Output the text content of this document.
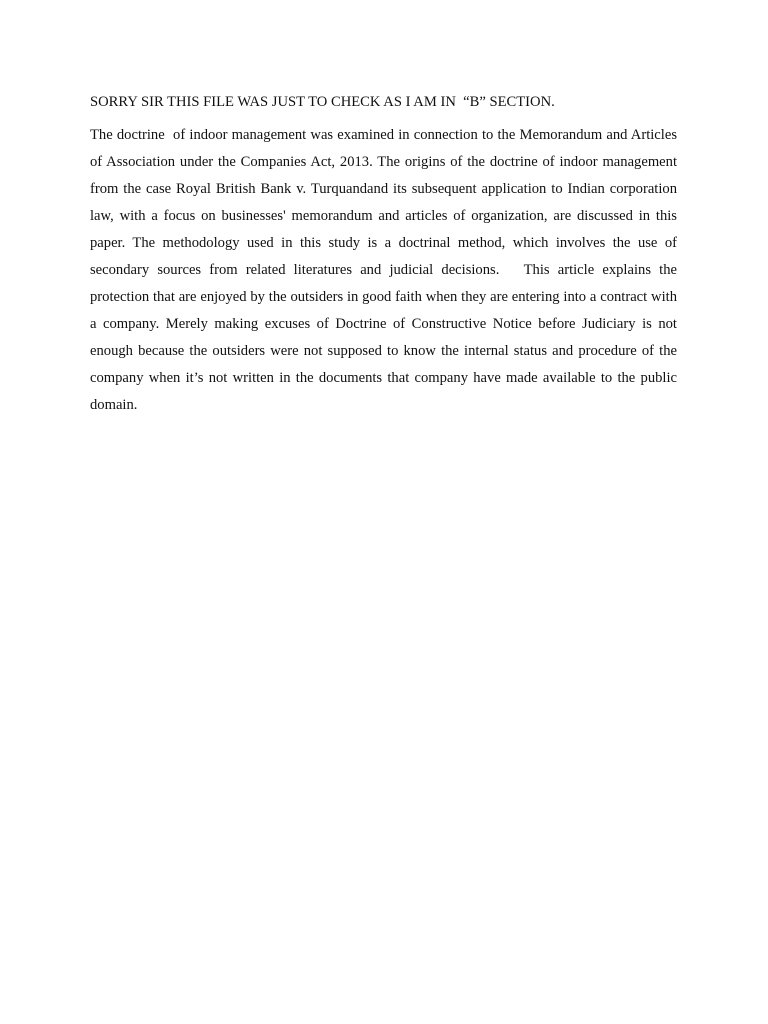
SORRY SIR THIS FILE WAS JUST TO CHECK AS I AM IN  “B” SECTION.

The doctrine  of indoor management was examined in connection to the Memorandum and Articles of Association under the Companies Act, 2013. The origins of the doctrine of indoor management from the case Royal British Bank v. Turquandand its subsequent application to Indian corporation law, with a focus on businesses' memorandum and articles of organization, are discussed in this paper. The methodology used in this study is a doctrinal method, which involves the use of secondary sources from related literatures and judicial decisions.   This article explains the protection that are enjoyed by the outsiders in good faith when they are entering into a contract with a company. Merely making excuses of Doctrine of Constructive Notice before Judiciary is not enough because the outsiders were not supposed to know the internal status and procedure of the company when it’s not written in the documents that company have made available to the public domain.
